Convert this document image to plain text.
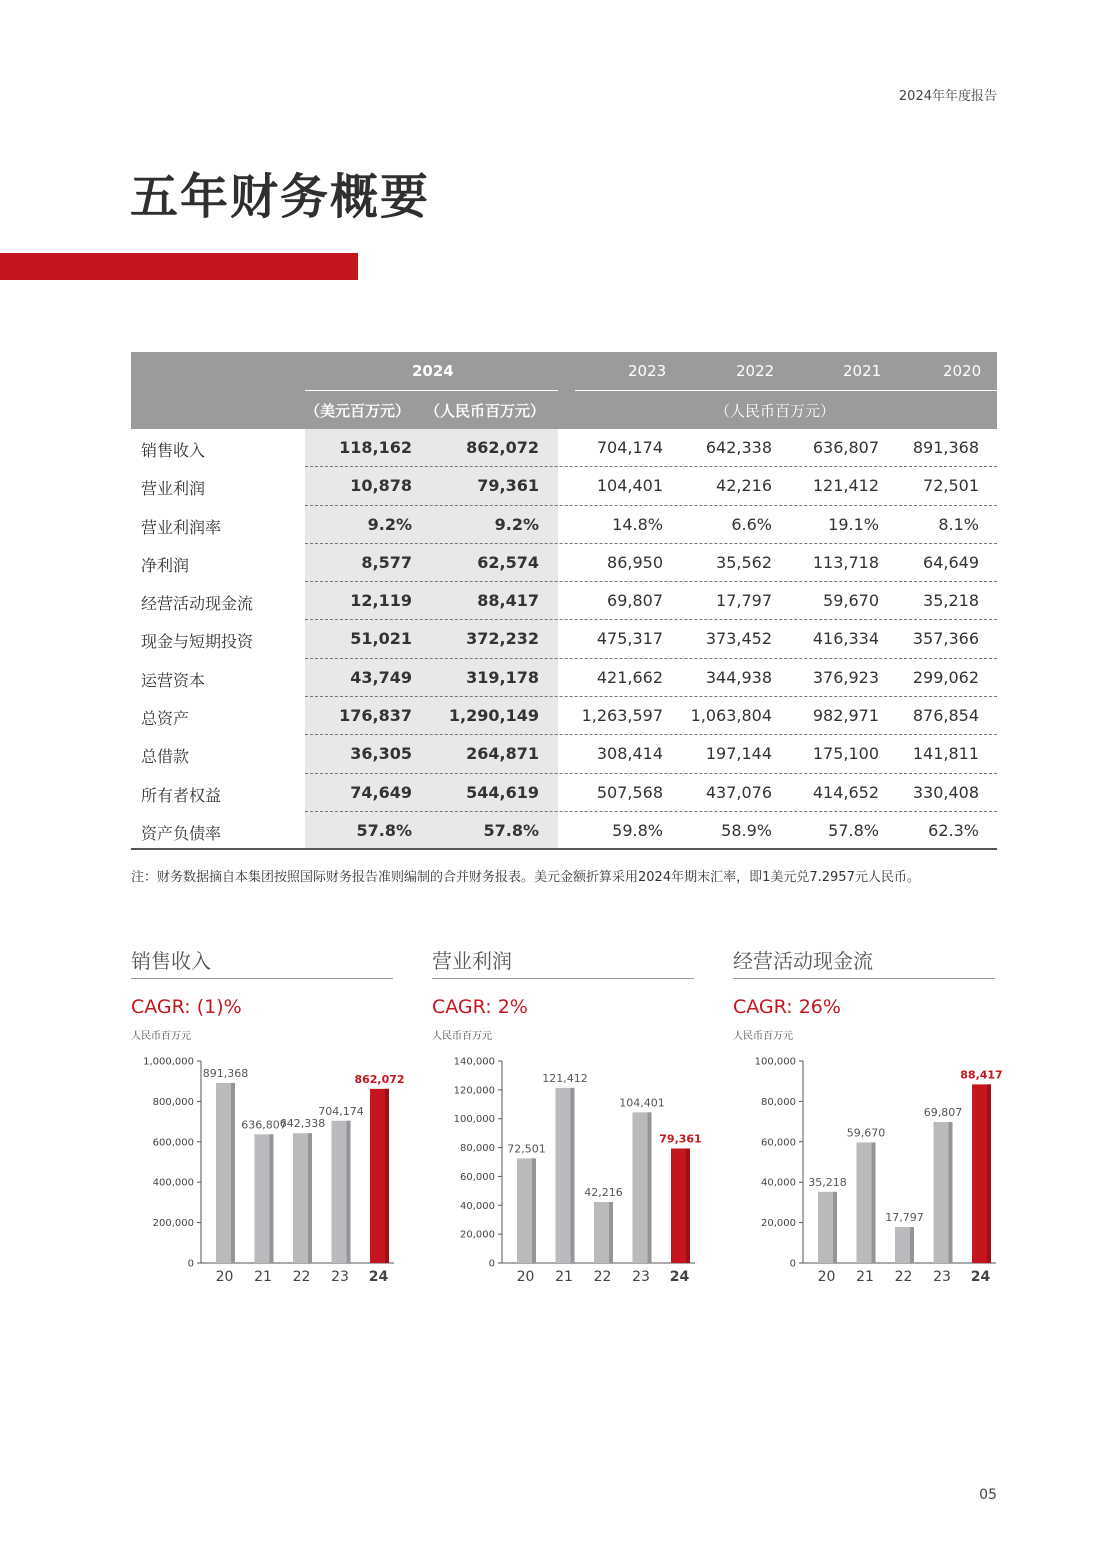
2024年年度报告
五年财务概要
2024
（美元百万元） （人民币百万元）
2023	2022	2021	2020
（人民币百万元）
销售收入	118,162	862,072	704,174	642,338	636,807 891,368
营业利润	10,878	79,361	104,401	42,216	121,412	72,501
营业利润率	9.2%	9.2%	14.8%	6.6%	19.1%	8.1%
净利润	8,577	62,574	86,950	35,562	113,718	64,649
经营活动现金流	12,119	88,417	69,807	17,797	59,670	35,218
现金与短期投资	51,021	372,232	475,317	373,452	416,334 357,366
运营资本	43,749	319,178	421,662	344,938	376,923 299,062
总资产	176,837 1,290,149	1,263,597 1,063,804	982,971 876,854
总借款	36,305	264,871	308,414	197,144	175,100 141,811
所有者权益	74,649	544,619	507,568	437,076	414,652 330,408
资产负债率	57.8%	57.8%	59.8%	58.9%	57.8%	62.3%
注：财务数据摘自本集团按照国际财务报告准则编制的合并财务报表。美元金额折算采用2024年期末汇率，即1美元兑7.2957元人民币。
销售收入
CAGR: (1)%
人民币百万元
0
200,000
400,000
600,000
800,000
1,000,000
891,368
20
636,807
21
642,338
22
704,174
23
862,072
24
营业利润
CAGR: 2%
人民币百万元
0
20,000
40,000
60,000
80,000
100,000
120,000
140,000
72,501
20
121,412
21
42,216
22
104,401
23
79,361
24
经营活动现金流
CAGR: 26%
人民币百万元
0
20,000
40,000
60,000
80,000
100,000
35,218
20
59,670
21
17,797
22
69,807
23
88,417
24
05
